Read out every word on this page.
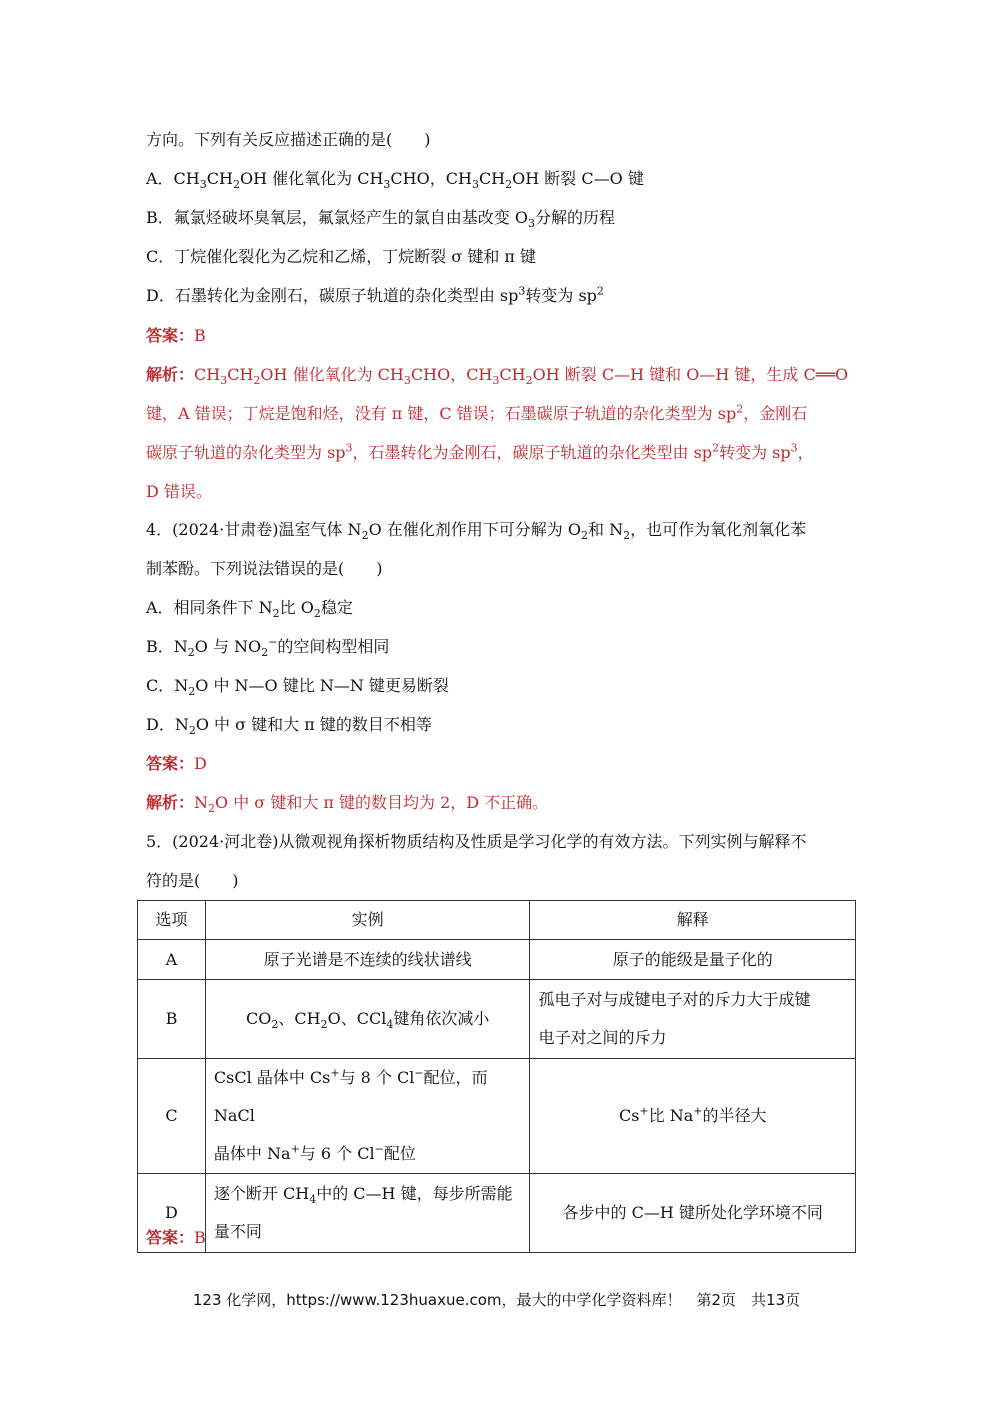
方向。下列有关反应描述正确的是(　　)
A．$CH_3CH_2OH$ 催化氧化为 $CH_3CHO$，$CH_3CH_2OH$ 断裂 C—O 键
B．氟氯烃破坏臭氧层，氟氯烃产生的氯自由基改变 $O_3$分解的历程
C．丁烷催化裂化为乙烷和乙烯，丁烷断裂 σ 键和 π 键
D．石墨转化为金刚石，碳原子轨道的杂化类型由 $sp^3$转变为 $sp^2$
答案：B
解析：$CH_3CH_2OH$ 催化氧化为 $CH_3CHO$，$CH_3CH_2OH$ 断裂 C—H 键和 O—H 键，生成 C══O
键，A 错误；丁烷是饱和烃，没有 π 键，C 错误；石墨碳原子轨道的杂化类型为 $sp^2$，金刚石
碳原子轨道的杂化类型为 $sp^3$，石墨转化为金刚石，碳原子轨道的杂化类型由 $sp^2$转变为 $sp^3$，
D 错误。
4．(2024·甘肃卷)温室气体 $N_2O$ 在催化剂作用下可分解为 $O_2$和 $N_2$，也可作为氧化剂氧化苯
制苯酚。下列说法错误的是(　　)
A．相同条件下 $N_2$比 $O_2$稳定
B．$N_2O$ 与 $NO_2^-$的空间构型相同
C．$N_2O$ 中 N—O 键比 N—N 键更易断裂
D．$N_2O$ 中 σ 键和大 π 键的数目不相等
答案：D
解析：$N_2O$ 中 σ 键和大 π 键的数目均为 2，D 不正确。
5．(2024·河北卷)从微观视角探析物质结构及性质是学习化学的有效方法。下列实例与解释不
符的是(　　)
选项	实例	解释
A	原子光谱是不连续的线状谱线	原子的能级是量子化的
B	$CO_2$、$CH_2O$、CCl$_4$键角依次减小	孤电子对与成键电子对的斥力大于成键
电子对之间的斥力

C	CsCl 晶体中 Cs+与 8 个 Cl−配位，而 NaCl
晶体中 Na+与 6 个 Cl−配位	Cs+比 Na+的半径大
D	逐个断开 $CH_4$中的 C—H 键，每步所需能
量不同	各步中的 C—H 键所处化学环境不同
答案：B
123 化学网，https://www.123huaxue.com，最大的中学化学资料库！　第2页　共13页
